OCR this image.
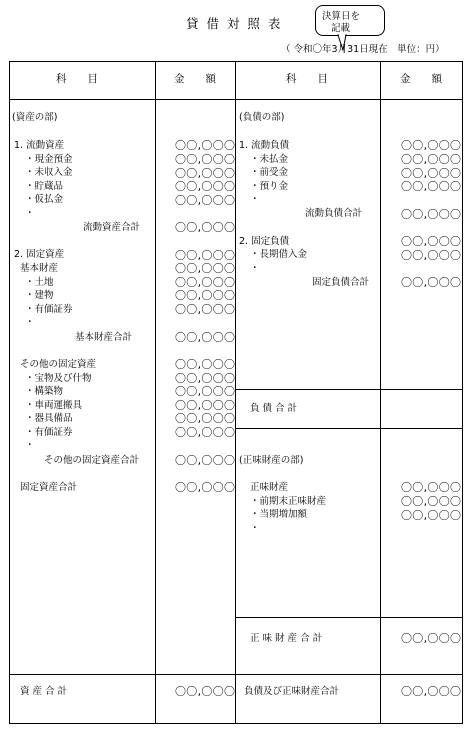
貸 借 対 照 表	決算日を
記載
（ 令和〇年3月31日現在　単位：円）
科　　目	金　　額	科　　目	金　　額
(資産の部)
1. 流動資産	〇〇,〇〇〇
・現金預金	〇〇,〇〇〇
・未収入金	〇〇,〇〇〇
・貯蔵品	〇〇,〇〇〇
・仮払金	〇〇,〇〇〇
・
流動資産合計	〇〇,〇〇〇
2. 固定資産	〇〇,〇〇〇
基本財産	〇〇,〇〇〇
・土地	〇〇,〇〇〇
・建物	〇〇,〇〇〇
・有価証券	〇〇,〇〇〇
・
基本財産合計	〇〇,〇〇〇
その他の固定資産	〇〇,〇〇〇
・宝物及び什物	〇〇,〇〇〇
・構築物	〇〇,〇〇〇
・車両運搬具	〇〇,〇〇〇
・器具備品	〇〇,〇〇〇
・有価証券	〇〇,〇〇〇
・
その他の固定資産合計	〇〇,〇〇〇
固定資産合計	〇〇,〇〇〇
資 産 合 計	〇〇,〇〇〇
(負債の部)
1. 流動負債	〇〇,〇〇〇
・未払金	〇〇,〇〇〇
・前受金	〇〇,〇〇〇
・預り金	〇〇,〇〇〇
・
流動負債合計	〇〇,〇〇〇
2. 固定負債	〇〇,〇〇〇
・長期借入金	〇〇,〇〇〇
・
固定負債合計	〇〇,〇〇〇
負 債 合 計
(正味財産の部)
正味財産	〇〇,〇〇〇
・前期末正味財産	〇〇,〇〇〇
・当期増加額	〇〇,〇〇〇
・
正 味 財 産 合 計	〇〇,〇〇〇
負債及び正味財産合計	〇〇,〇〇〇
